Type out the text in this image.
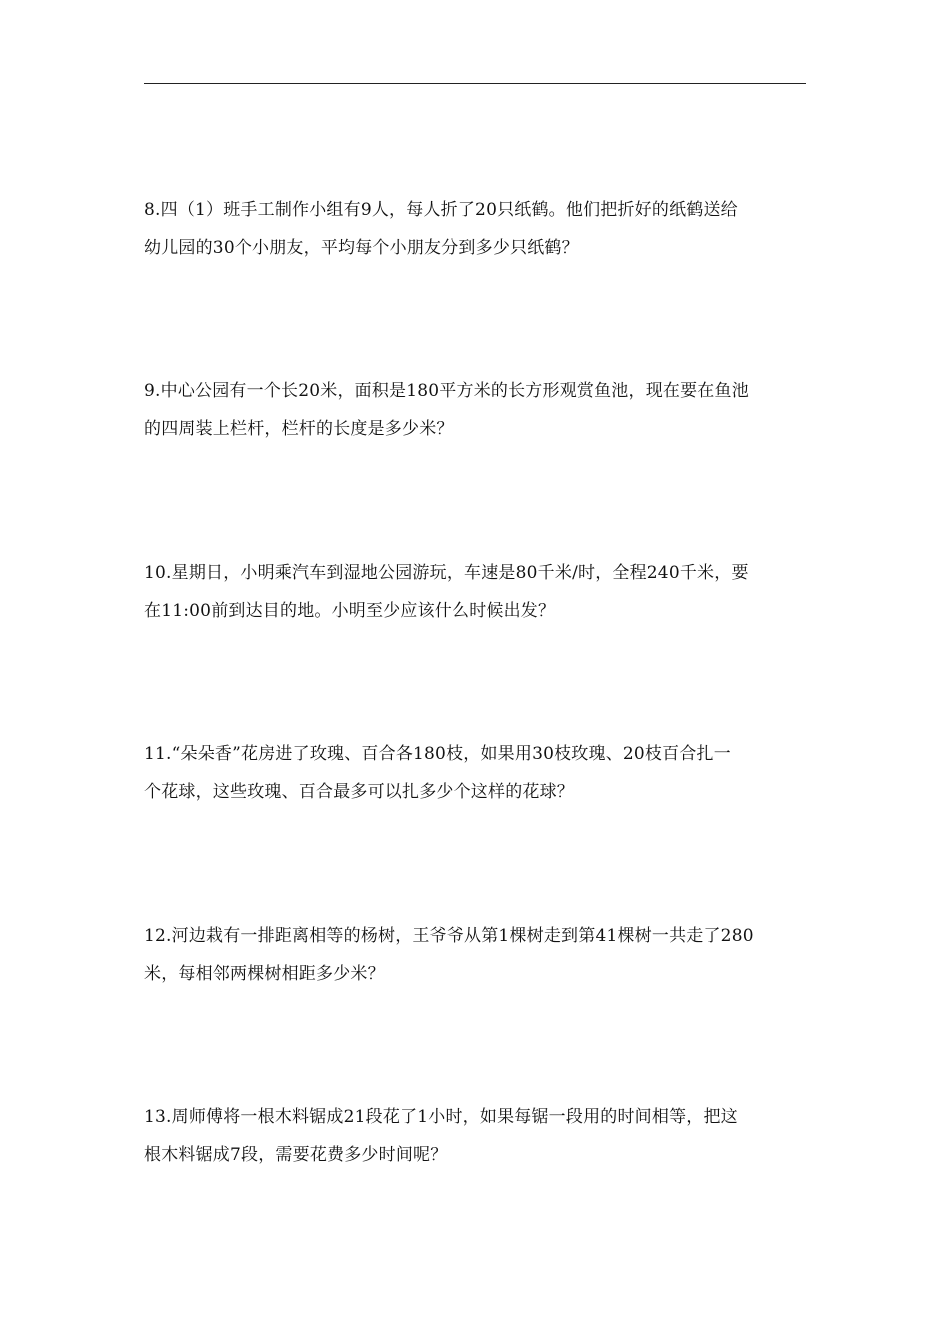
8.四（1）班手工制作小组有9人，每人折了20只纸鹤。他们把折好的纸鹤送给
幼儿园的30个小朋友，平均每个小朋友分到多少只纸鹤？

9.中心公园有一个长20米，面积是180平方米的长方形观赏鱼池，现在要在鱼池
的四周装上栏杆，栏杆的长度是多少米？

10.星期日，小明乘汽车到湿地公园游玩，车速是80千米/时，全程240千米，要
在11:00前到达目的地。小明至少应该什么时候出发？

11.“朵朵香”花房进了玫瑰、百合各180枝，如果用30枝玫瑰、20枝百合扎一
个花球，这些玫瑰、百合最多可以扎多少个这样的花球？

12.河边栽有一排距离相等的杨树，王爷爷从第1棵树走到第41棵树一共走了280
米，每相邻两棵树相距多少米？

13.周师傅将一根木料锯成21段花了1小时，如果每锯一段用的时间相等，把这
根木料锯成7段，需要花费多少时间呢？
